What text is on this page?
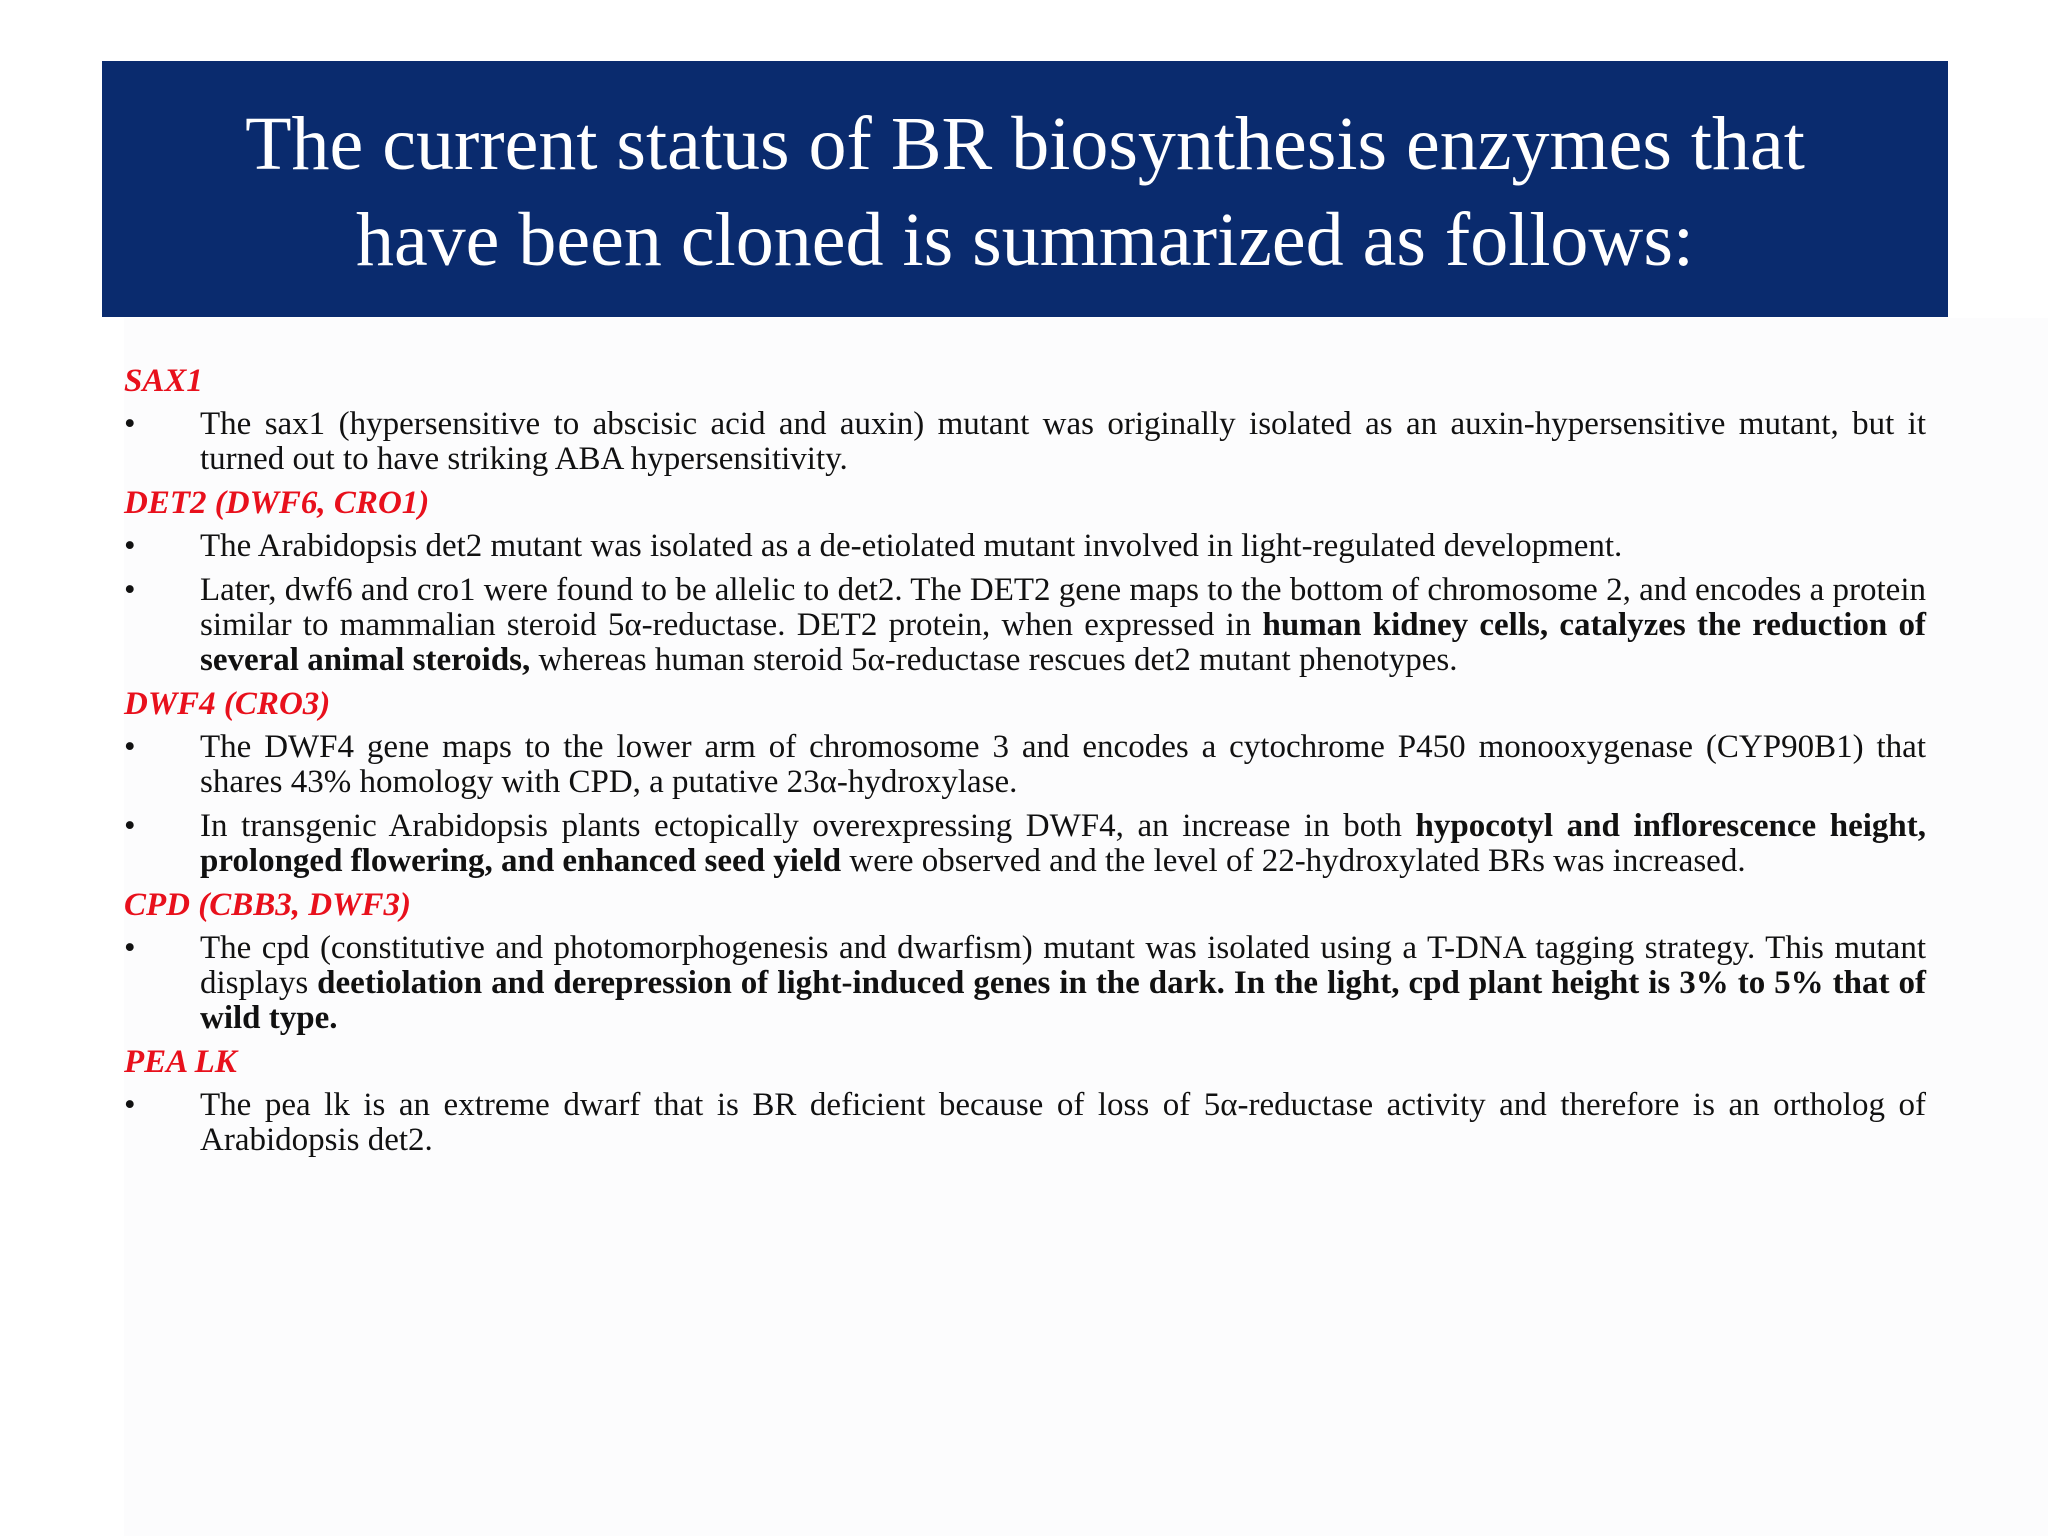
The current status of BR biosynthesis enzymes that
have been cloned is summarized as follows:

SAX1

• The sax1 (hypersensitive to abscisic acid and auxin) mutant was originally isolated as an auxin-hypersensitive mutant, but it turned out to have striking ABA hypersensitivity.

DET2 (DWF6, CRO1)

• The Arabidopsis det2 mutant was isolated as a de-etiolated mutant involved in light-regulated development.

• Later, dwf6 and cro1 were found to be allelic to det2. The DET2 gene maps to the bottom of chromosome 2, and encodes a protein similar to mammalian steroid 5α-reductase. DET2 protein, when expressed in human kidney cells, catalyzes the reduction of several animal steroids, whereas human steroid 5α-reductase rescues det2 mutant phenotypes.

DWF4 (CRO3)

• The DWF4 gene maps to the lower arm of chromosome 3 and encodes a cytochrome P450 monooxygenase (CYP90B1) that shares 43% homology with CPD, a putative 23α-hydroxylase.

• In transgenic Arabidopsis plants ectopically overexpressing DWF4, an increase in both hypocotyl and inflorescence height, prolonged flowering, and enhanced seed yield were observed and the level of 22-hydroxylated BRs was increased.

CPD (CBB3, DWF3)

• The cpd (constitutive and photomorphogenesis and dwarfism) mutant was isolated using a T-DNA tagging strategy. This mutant displays deetiolation and derepression of light-induced genes in the dark. In the light, cpd plant height is 3% to 5% that of wild type.

PEA LK

• The pea lk is an extreme dwarf that is BR deficient because of loss of 5α-reductase activity and therefore is an ortholog of Arabidopsis det2.
